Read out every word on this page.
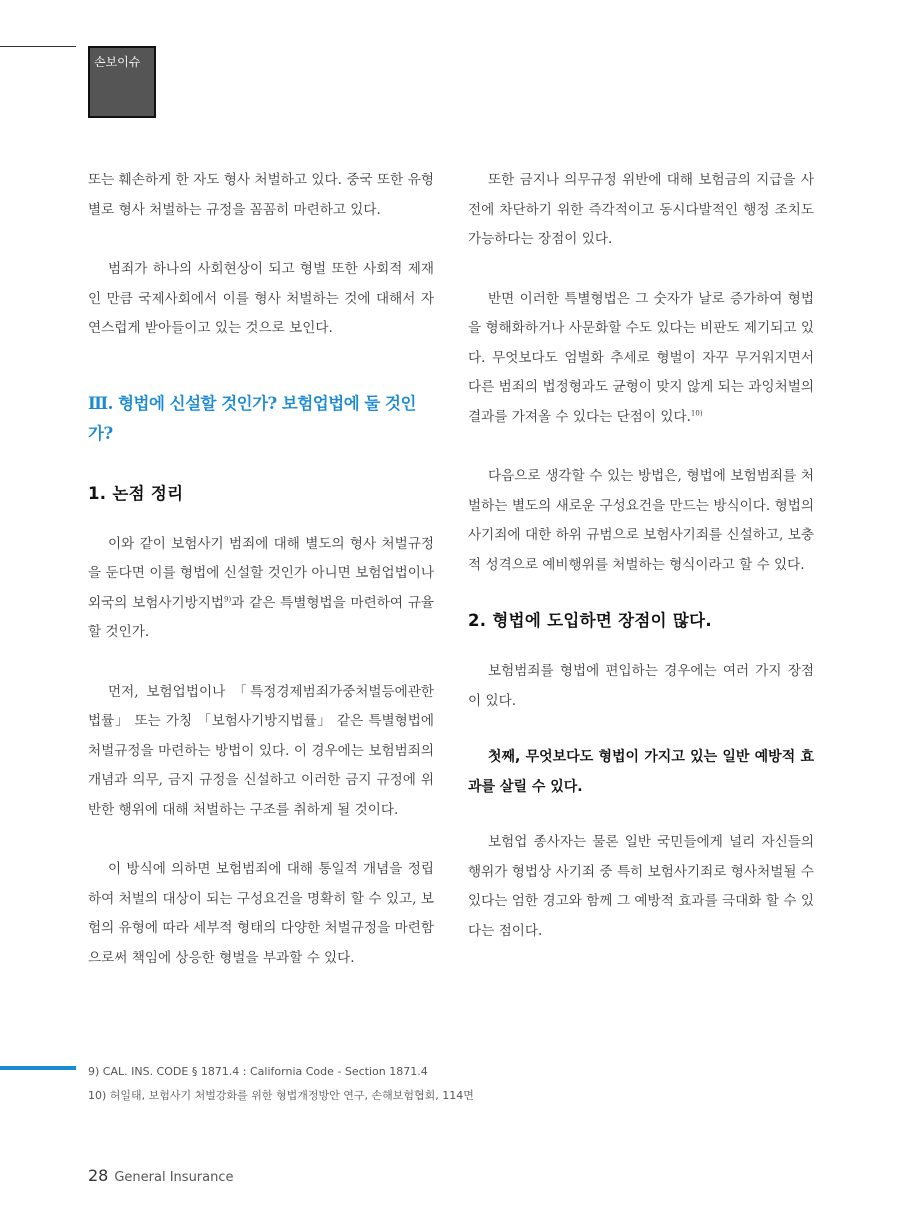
손보이슈

또는 훼손하게 한 자도 형사 처벌하고 있다. 중국 또한 유형별로 형사 처벌하는 규정을 꼼꼼히 마련하고 있다.

범죄가 하나의 사회현상이 되고 형벌 또한 사회적 제재인 만큼 국제사회에서 이를 형사 처벌하는 것에 대해서 자연스럽게 받아들이고 있는 것으로 보인다.

Ⅲ. 형법에 신설할 것인가? 보험업법에 둘 것인가?
1. 논점 정리

이와 같이 보험사기 범죄에 대해 별도의 형사 처벌규정을 둔다면 이를 형법에 신설할 것인가 아니면 보험업법이나 외국의 보험사기방지법$^{9)}$과 같은 특별형법을 마련하여 규율할 것인가.

먼저, 보험업법이나 「특정경제범죄가중처벌등에관한 법률」 또는 가칭 「보험사기방지법률」 같은 특별형법에 처벌규정을 마련하는 방법이 있다. 이 경우에는 보험범죄의 개념과 의무, 금지 규정을 신설하고 이러한 금지 규정에 위반한 행위에 대해 처벌하는 구조를 취하게 될 것이다.

이 방식에 의하면 보험범죄에 대해 통일적 개념을 정립하여 처벌의 대상이 되는 구성요건을 명확히 할 수 있고, 보험의 유형에 따라 세부적 형태의 다양한 처벌규정을 마련함으로써 책임에 상응한 형벌을 부과할 수 있다.

또한 금지나 의무규정 위반에 대해 보험금의 지급을 사전에 차단하기 위한 즉각적이고 동시다발적인 행정 조치도 가능하다는 장점이 있다.

반면 이러한 특별형법은 그 숫자가 날로 증가하여 형법을 형해화하거나 사문화할 수도 있다는 비판도 제기되고 있다. 무엇보다도 엄벌화 추세로 형벌이 자꾸 무거워지면서 다른 범죄의 법정형과도 균형이 맞지 않게 되는 과잉처벌의 결과를 가져올 수 있다는 단점이 있다.$^{10)}$

다음으로 생각할 수 있는 방법은, 형법에 보험범죄를 처벌하는 별도의 새로운 구성요건을 만드는 방식이다. 형법의 사기죄에 대한 하위 규범으로 보험사기죄를 신설하고, 보충적 성격으로 예비행위를 처벌하는 형식이라고 할 수 있다.

2. 형법에 도입하면 장점이 많다.

보험범죄를 형법에 편입하는 경우에는 여러 가지 장점이 있다.

첫째, 무엇보다도 형법이 가지고 있는 일반 예방적 효과를 살릴 수 있다.

보험업 종사자는 물론 일반 국민들에게 널리 자신들의 행위가 형법상 사기죄 중 특히 보험사기죄로 형사처벌될 수 있다는 엄한 경고와 함께 그 예방적 효과를 극대화 할 수 있다는 점이다.

9) CAL. INS. CODE § 1871.4 : California Code - Section 1871.4
10) 허일태, 보험사기 처벌강화를 위한 형법개정방안 연구, 손해보험협회, 114면
28 General Insurance
